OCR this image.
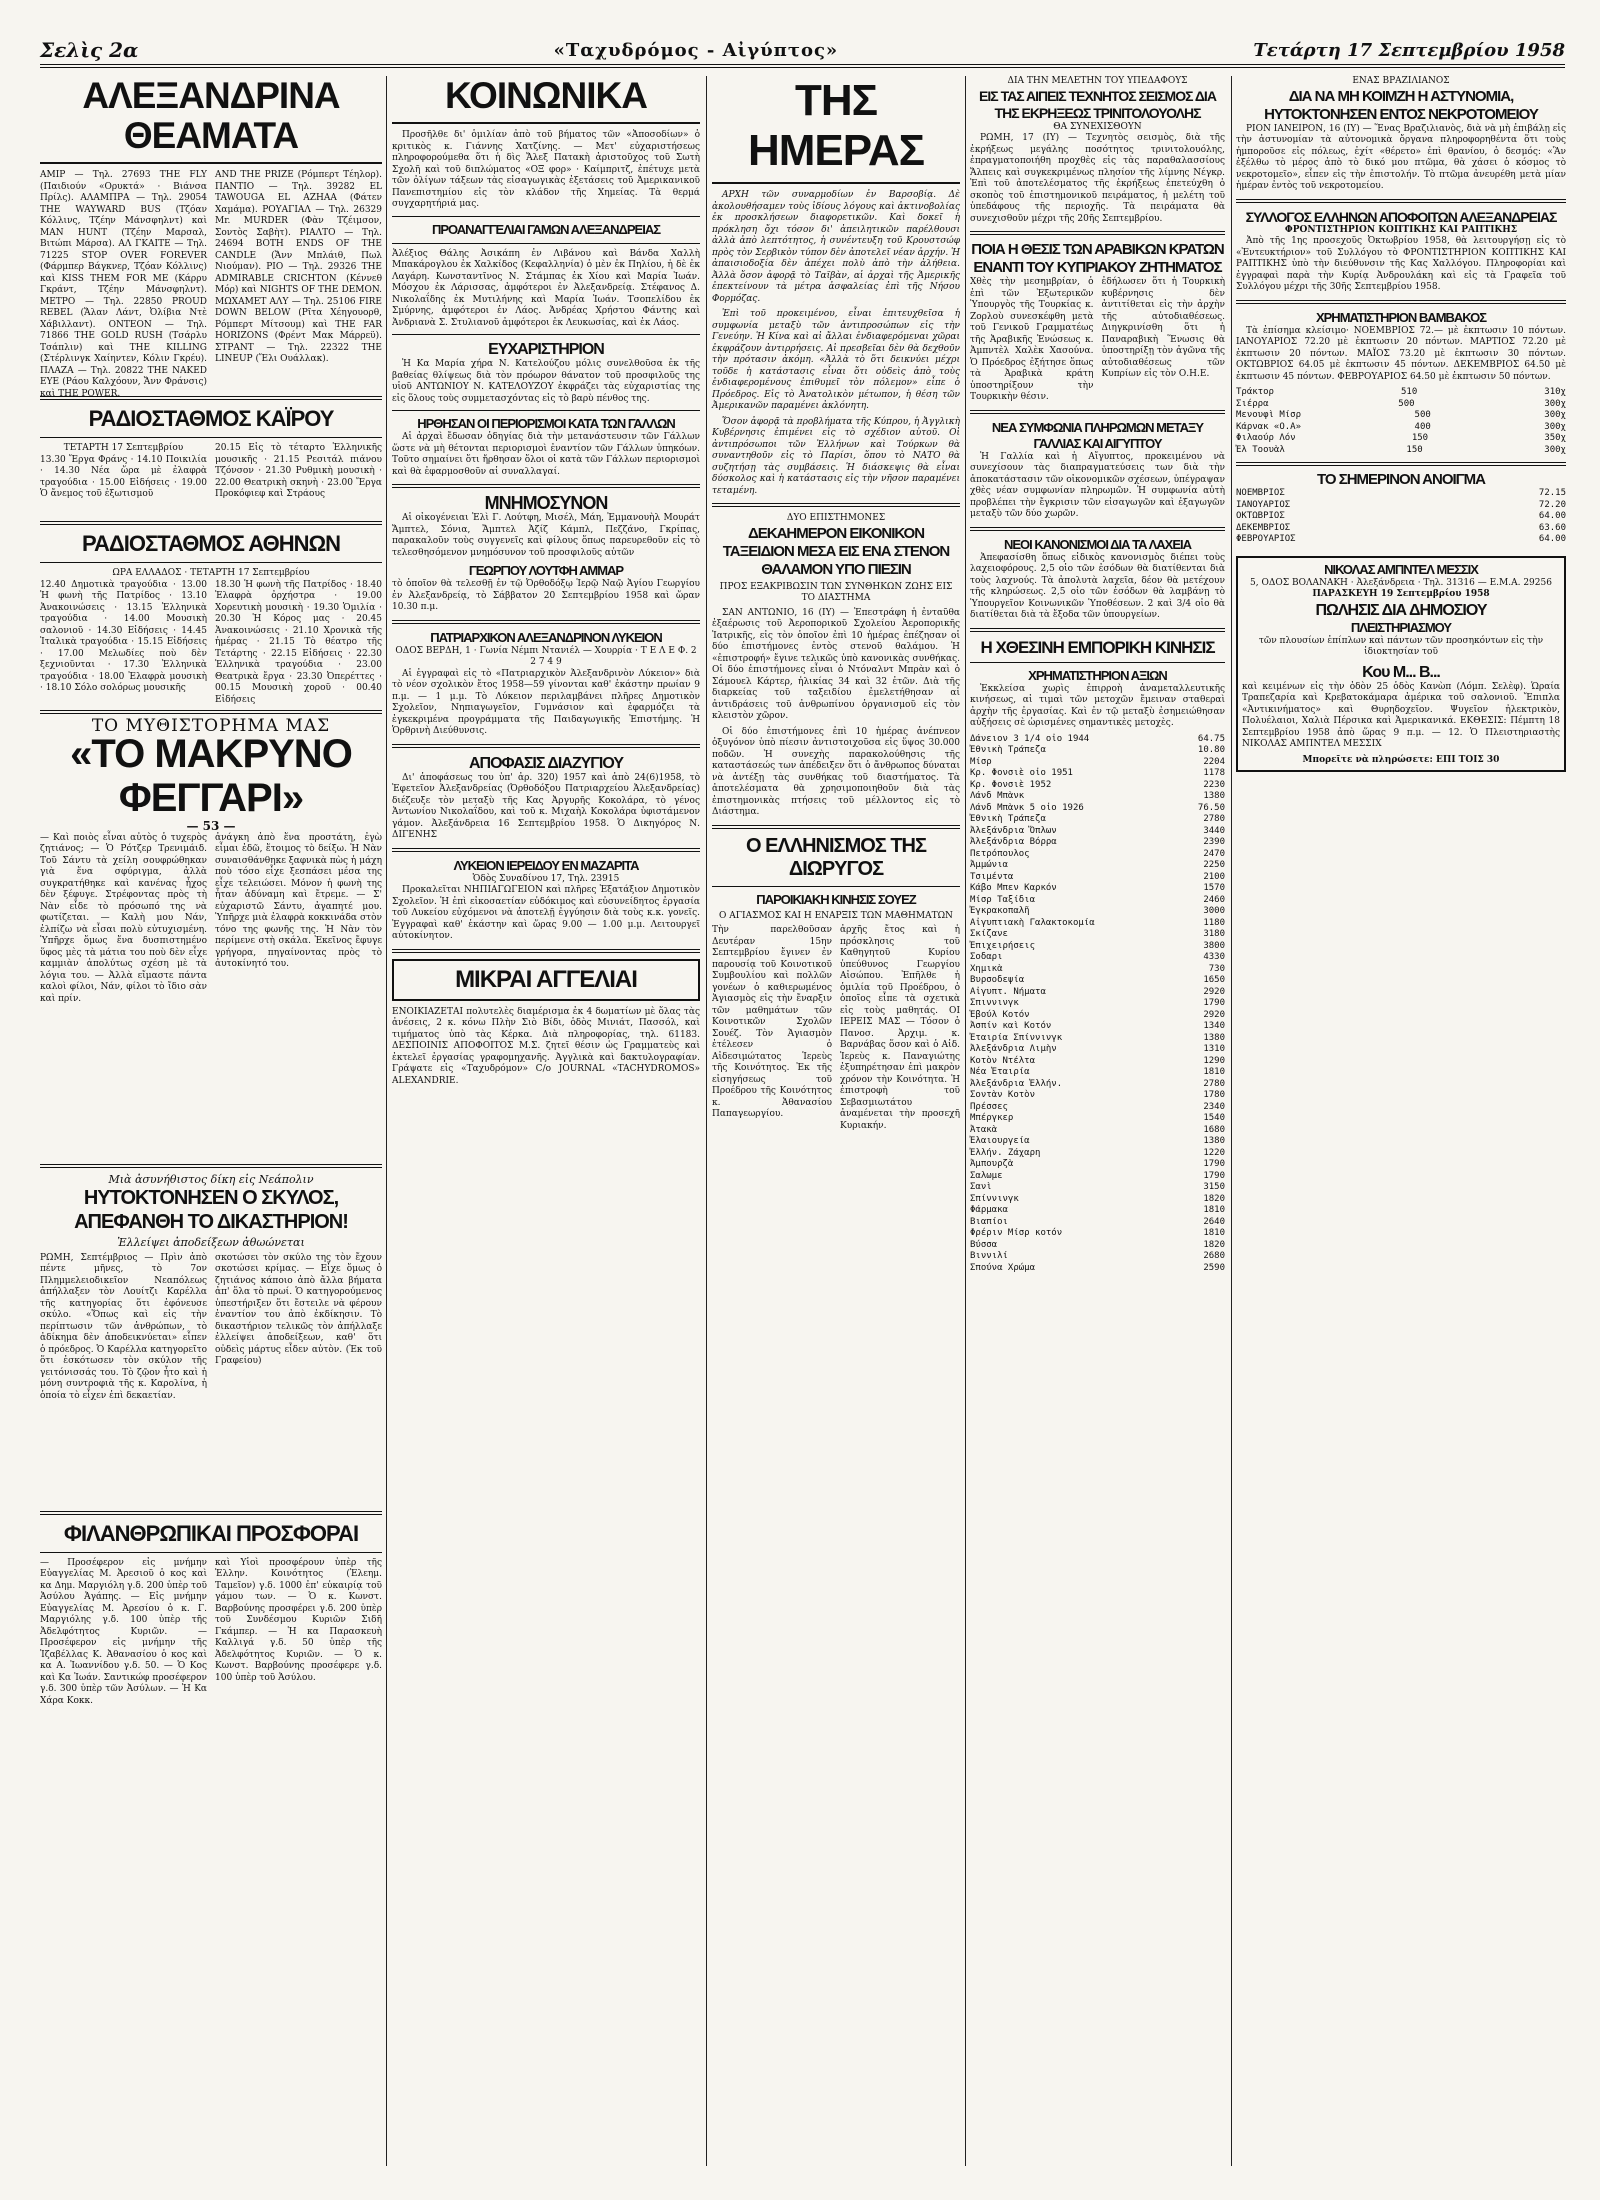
Σελὶς 2α	«Ταχυδρόμος - Αἰγύπτος»	Τετάρτη 17 Σεπτεμβρίου 1958
ΑΛΕΞΑΝΔΡΙΝΑ ΘΕΑΜΑΤΑ
ΑΜΙΡ — Τηλ. 27693 THE FLY (Παιδιούν «Ορυκτά» · Βιάνσα Πρίλς). ΑΛΑΜΠΡΑ — Τηλ. 29054 THE WAYWARD BUS (Τζόαν Κόλλινς, Τζέην Μάνσφηλντ) καὶ MAN HUNT (Τζέην Μαρσαλ, Βιτώπι Μάρσα). ΑΛ ΓΚΑΙΤΕ — Τηλ. 71225 STOP OVER FOREVER (Φάρμπερ Βάγκνερ, Τζόαν Κόλλινς) καὶ KISS THEM FOR ME (Κάρρυ Γκράντ, Τζέην Μάνσφηλντ). ΜΕΤΡΟ — Τηλ. 22850 PROUD REBEL (Ἄλαν Λάντ, Ὀλίβια Ντὲ Χάβιλλαντ). ΟΝΤΕΟΝ — Τηλ. 71866 THE GOLD RUSH (Τσάρλυ Τσάπλιν) καὶ THE KILLING (Στέρλινγκ Χαίηντεν, Κόλιν Γκρέυ). ΠΛΑΖΑ — Τηλ. 20822 THE NAKED EYE (Ράου Καλχόουν, Ἄνν Φράνσις) καὶ THE POWER.
AND THE PRIZE (Ρόμπερτ Τέηλορ). ΠΑΝΤΙΟ — Τηλ. 39282 EL TAWOUGA EL AZHAA (Φάτεν Χαμάμα). ΡΟΥΑΓΙΑΛ — Τηλ. 26329 Mr. MURDER (Φὰν Τζέιμσον, Σοντὸς Σαβὴτ). ΡΙΑΛΤΟ — Τηλ. 24694 BOTH ENDS OF THE CANDLE (Ἄνν Μπλάιθ, Πωλ Νιούμαν). ΡΙΟ — Τηλ. 29326 THE ADMIRABLE CRICHTON (Κέννεθ Μόρ) καὶ NIGHTS OF THE DEMON. ΜΩΧΑΜΕΤ ΑΛΥ — Τηλ. 25106 FIRE DOWN BELOW (Ρῖτα Χέηγουορθ, Ρόμπερτ Μίτσουμ) καὶ THE FAR HORIZONS (Φρέντ Μακ Μάρρεϋ). ΣΤΡΑΝΤ — Τηλ. 22322 THE LINEUP (Ἔλι Ουάλλακ).
ΡΑΔΙΟΣΤΑΘΜΟΣ ΚΑΪΡΟΥ
ΤΕΤΑΡΤΗ 17 Σεπτεμβρίου
13.30 Ἔργα Φράνς · 14.10 Ποικιλία · 14.30 Νέα ὥρα μὲ ἐλαφρὰ τραγούδια · 15.00 Εἰδήσεις · 19.00 Ὁ ἄνεμος τοῦ ἐξωτισμοῦ
20.15 Εἰς τὸ τέταρτο Ἑλληνικῆς μουσικῆς · 21.15 Ρεσιτάλ πιάνου Τζόνσον · 21.30 Ρυθμικὴ μουσικὴ · 22.00 Θεατρικὴ σκηνὴ · 23.00 Ἔργα Προκόφιεφ καὶ Στράους
ΡΑΔΙΟΣΤΑΘΜΟΣ ΑΘΗΝΩΝ
ΩΡΑ ΕΛΛΑΔΟΣ · ΤΕΤΑΡΤΗ 17 Σεπτεμβρίου
12.40 Δημοτικὰ τραγούδια · 13.00 Ἡ φωνὴ τῆς Πατρίδος · 13.10 Ἀνακοινώσεις · 13.15 Ἑλληνικὰ τραγούδια · 14.00 Μουσικὴ σαλονιοῦ · 14.30 Εἰδήσεις · 14.45 Ἰταλικὰ τραγούδια · 15.15 Εἰδήσεις · 17.00 Μελωδίες ποὺ δὲν ξεχνιοῦνται · 17.30 Ἑλληνικὰ τραγούδια · 18.00 Ἐλαφρὰ μουσικὴ · 18.10 Σόλο σολόρως μουσικῆς
18.30 Ἡ φωνὴ τῆς Πατρίδος · 18.40 Ἐλαφρὰ ὀρχήστρα · 19.00 Χορευτικὴ μουσικὴ · 19.30 Ὁμιλία · 20.30 Ἡ Κόρος μας · 20.45 Ἀνακοινώσεις · 21.10 Χρονικὰ τῆς ἡμέρας · 21.15 Τὸ θέατρο τῆς Τετάρτης · 22.15 Εἰδήσεις · 22.30 Ἑλληνικὰ τραγούδια · 23.00 Θεατρικὰ ἔργα · 23.30 Ὀπερέττες · 00.15 Μουσικὴ χοροῦ · 00.40 Εἰδήσεις
ΤΟ ΜΥΘΙΣΤΟΡΗΜΑ ΜΑΣ
«ΤΟ ΜΑΚΡΥΝΟ ΦΕΓΓΑΡΙ»
— 53 —
— Καὶ ποιὸς εἶναι αὐτὸς ὁ τυχερὸς ζητιάνος; — Ὁ Ρότζερ Τρενιμάιδ. Τοῦ Σάντυ τὰ χείλη σουφρώθηκαν γιὰ ἕνα σφύριγμα, ἀλλὰ συγκρατήθηκε καὶ κανένας ἦχος δὲν ξέφυγε. Στρέφοντας πρὸς τὴ Νὰν εἶδε τὸ πρόσωπό της νὰ φωτίζεται. — Καλὴ μου Νάν, ἐλπίζω νὰ εἶσαι πολὺ εὐτυχισμένη. Ὑπῆρχε ὅμως ἕνα δυσπιστημένο ὕφος μὲς τὰ μάτια του ποὺ δὲν εἶχε καμμιὰν ἀπολύτως σχέση μὲ τὰ λόγια του. — Ἀλλὰ εἴμαστε πάντα καλοὶ φίλοι, Νάν, φίλοι τὸ ἴδιο σὰν καὶ πρίν.
ἀνάγκη ἀπὸ ἕνα προστάτη, ἐγὼ εἶμαι ἐδῶ, ἕτοιμος τὸ δείξω. Ἡ Νὰν συναισθάνθηκε ξαφνικὰ πὼς ἡ μάχη ποὺ τόσο εἶχε ξεσπάσει μέσα της εἶχε τελειώσει. Μόνον ἡ φωνὴ της ἦταν ἀδύναμη καὶ ἔτρεμε. — Σ' εὐχαριστῶ Σάντυ, ἀγαπητέ μου. Ὑπῆρχε μιὰ ἐλαφρὰ κοκκινάδα στὸν τόνο της φωνῆς της. Ἡ Νὰν τὸν περίμενε στὴ σκάλα. Ἐκεῖνος ἔφυγε γρήγορα, πηγαίνοντας πρὸς τὸ ἀυτοκίνητό του.
Μιὰ ἀσυνήθιστος δίκη εἰς Νεάπολιν
ΗΥΤΟΚΤΟΝΗΣΕΝ Ο ΣΚΥΛΟΣ, ΑΠΕΦΑΝΘΗ ΤΟ ΔΙΚΑΣΤΗΡΙΟΝ!
Ἐλλείψει ἀποδείξεων ἀθωώνεται
ΡΩΜΗ, Σεπτέμβριος — Πρὶν ἀπὸ πέντε μῆνες, τὸ 7ον Πλημμελειοδικεῖον Νεαπόλεως ἀπήλλαξεν τὸν Λουίτζι Καρέλλα τῆς κατηγορίας ὅτι ἐφόνευσε σκύλο. «Ὅπως καὶ εἰς τὴν περίπτωσιν τῶν ἀνθρώπων, τὸ ἀδίκημα δὲν ἀποδεικνύεται» εἶπεν ὁ πρόεδρος. Ὁ Καρέλλα κατηγορεῖτο ὅτι ἐσκότωσεν τὸν σκύλον τῆς γειτόνισσάς του. Τὸ ζῷον ἦτο καὶ ἡ μόνη συντροφιὰ τῆς κ. Καρολίνα, ἡ ὁποία τὸ εἶχεν ἐπὶ δεκαετίαν.
σκοτώσει τὸν σκύλο της τὸν ἔχουν σκοτώσει κρίμας. — Εἶχε ὅμως ὁ ζητιάνος κάποιο ἀπὸ ἄλλα βήματα ἀπ' ὅλα τὸ πρωί. Ὁ κατηγορούμενος ὑπεστήριξεν ὅτι ἔστειλε νὰ φέρουν ἐναντίον του ἀπὸ ἐκδίκησιν. Τὸ δικαστήριον τελικῶς τὸν ἀπήλλαξε ἐλλείψει ἀποδείξεων, καθ' ὅτι οὐδεὶς μάρτυς εἶδεν αὐτὸν. (Ἐκ τοῦ Γραφείου)
ΦΙΛΑΝΘΡΩΠΙΚΑΙ ΠΡΟΣΦΟΡΑΙ
— Προσέφερον εἰς μνήμην Εὐαγγελίας Μ. Ἀρεσιοῦ ὁ κος καὶ κα Δημ. Μαργιόλη γ.δ. 200 ὑπὲρ τοῦ Ἀσύλου Ἀγάπης. — Εἰς μνήμην Εὐαγγελίας Μ. Ἀρεσίου ὁ κ. Γ. Μαργιόλης γ.δ. 100 ὑπὲρ τῆς Ἀδελφότητος Κυριῶν. — Προσέφερον εἰς μνήμην τῆς Ἰζαβέλλας Κ. Ἀθανασίου ὁ κος καὶ κα Α. Ἰωαννίδου γ.δ. 50. — Ὁ Κος καὶ Κα Ἰωάν. Σαντικώφ προσέφερον γ.δ. 300 ὑπὲρ τῶν Ἀσύλων. — Ἡ Κα Χάρα Κοκκ.
καὶ Υἱοὶ προσφέρουν ὑπὲρ τῆς Ἑλλην. Κοινότητος (Ἐλεημ. Ταμεῖον) γ.δ. 1000 ἐπ' εὐκαιρίᾳ τοῦ γάμου των. — Ὁ κ. Κωνστ. Βαρβούνης προσφέρει γ.δ. 200 ὑπὲρ τοῦ Συνδέσμου Κυριῶν Σιδῆ Γκάμπερ. — Ἡ κα Παρασκευὴ Καλλιγά γ.δ. 50 ὑπὲρ τῆς Ἀδελφότητος Κυριῶν. — Ὁ κ. Κωνστ. Βαρβούνης προσέφερε γ.δ. 100 ὑπὲρ τοῦ Ἀσύλου.
ΚΟΙΝΩΝΙΚΑ

Προσῆλθε δι' ὁμιλίαν ἀπὸ τοῦ βήματος τῶν «Ἀποσοδίων» ὁ κριτικὸς κ. Γιάννης Χατζίνης. — Μετ' εὐχαριστήσεως πληροφορούμεθα ὅτι ἡ δὶς Ἄλεξ Πατακὴ ἀριστοῦχος τοῦ Σωτὴ Σχολῆ καὶ τοῦ διπλώματος «ΟΞ φορ» · Καίμπριτζ, ἐπέτυχε μετὰ τῶν ὀλίγων τάξεων τὰς εἰσαγωγικὰς ἐξετάσεις τοῦ Ἀμερικανικοῦ Πανεπιστημίου εἰς τὸν κλάδον τῆς Χημείας. Τὰ θερμά συγχαρητήριά μας.

ΠΡΟΑΝΑΓΓΕΛΙΑΙ ΓΑΜΩΝ ΑΛΕΞΑΝΔΡΕΙΑΣ

Ἀλέξιος Θάλης Ἀσικάπη ἐν Λιβάνου καὶ Βάνδα Χαλλὴ Μπακάρογλου ἐκ Χαλκίδος (Κεφαλληνία) ὁ μὲν ἐκ Πηλίου, ἡ δὲ ἐκ Λαγάρη. Κωνσταντῖνος Ν. Στάμπας ἐκ Χίου καὶ Μαρία Ἰωάν. Μόσχου ἐκ Λάρισσας, ἀμφότεροι ἐν Ἀλεξανδρείᾳ. Στέφανος Δ. Νικολαΐδης ἐκ Μυτιλήνης καὶ Μαρία Ἰωάν. Τσοπελίδου ἐκ Σμύρνης, ἀμφότεροι ἐν Λάος. Ἀνδρέας Χρήστου Φάντης καὶ Ἀνδριανὰ Σ. Στυλιανοῦ ἀμφότεροι ἐκ Λευκωσίας, καὶ ἐκ Λάος.

ΕΥΧΑΡΙΣΤΗΡΙΟΝ

Ἡ Κα Μαρία χήρα Ν. Κατελούζου μόλις συνελθοῦσα ἐκ τῆς βαθείας θλίψεως διὰ τὸν πρόωρον θάνατον τοῦ προσφιλοῦς της υἱοῦ ΑΝΤΩΝΙΟΥ Ν. ΚΑΤΕΛΟΥΖΟΥ ἐκφράζει τὰς εὐχαριστίας της εἰς ὅλους τοὺς συμμετασχόντας εἰς τὸ βαρὺ πένθος της.

ΗΡΘΗΣΑΝ ΟΙ ΠΕΡΙΟΡΙΣΜΟΙ ΚΑΤΑ ΤΩΝ ΓΑΛΛΩΝ

Αἱ ἀρχαὶ ἔδωσαν ὁδηγίας διὰ τὴν μετανάστευσιν τῶν Γάλλων ὥστε νὰ μὴ θέτονται περιορισμοὶ ἐναντίον τῶν Γάλλων ὑπηκόων. Τοῦτο σημαίνει ὅτι ἤρθησαν ὅλοι οἱ κατὰ τῶν Γάλλων περιορισμοὶ καὶ θὰ ἐφαρμοσθοῦν αἱ συναλλαγαί.

ΜΝΗΜΟΣΥΝΟΝ

Αἱ οἰκογένειαι Ἐλὶ Γ. Λούτφη, Μισέλ, Μάη, Ἐμμανουὴλ Μουράτ Ἄμπτελ, Σόνια, Ἄμπτελ Ἀζίζ Κάμπλ, Πεζζάνο, Γκρίπας, παρακαλοῦν τοὺς συγγενεῖς καὶ φίλους ὅπως παρευρεθοῦν εἰς τὸ τελεσθησόμενον μνημόσυνον τοῦ προσφιλοῦς αὐτῶν

ΓΕΩΡΓΙΟΥ ΛΟΥΤΦΗ ΑΜΜΑΡ

τὸ ὁποῖον θὰ τελεσθῇ ἐν τῷ Ὀρθοδόξῳ Ἱερῷ Ναῷ Ἁγίου Γεωργίου ἐν Ἀλεξανδρείᾳ, τὸ Σάββατον 20 Σεπτεμβρίου 1958 καὶ ὥραν 10.30 π.μ.

ΠΑΤΡΙΑΡΧΙΚΟΝ ΑΛΕΞΑΝΔΡΙΝΟΝ ΛΥΚΕΙΟΝ
ΟΔΟΣ ΒΕΡΔΗ, 1 · Γωνία Νέμπι Ντανιέλ — Χουρρία · Τ Ε Λ Ε Φ. 2 2 7 4 9

Αἱ ἐγγραφαὶ εἰς τὸ «Πατριαρχικὸν Ἀλεξανδρινὸν Λύκειον» διὰ τὸ νέον σχολικὸν ἔτος 1958—59 γίνονται καθ' ἑκάστην πρωίαν 9 π.μ. — 1 μ.μ. Τὸ Λύκειον περιλαμβάνει πλῆρες Δημοτικὸν Σχολεῖον, Νηπιαγωγεῖον, Γυμνάσιον καὶ ἐφαρμόζει τὰ ἐγκεκριμένα προγράμματα τῆς Παιδαγωγικῆς Ἐπιστήμης. Ἡ Ὁρθρινὴ Διεύθυνσις.

ΑΠΟΦΑΣΙΣ ΔΙΑΖΥΓΙΟΥ

Δι' ἀποφάσεως του ὑπ' ἀρ. 320) 1957 καὶ ἀπὸ 24(6)1958, τὸ Ἐφετεῖον Ἀλεξανδρείας (Ὀρθοδόξου Πατριαρχείου Ἀλεξανδρείας) διέζευξε τὸν μεταξὺ τῆς Κας Ἀργυρῆς Κοκολάρα, τὸ γένος Ἀντωνίου Νικολαΐδου, καὶ τοῦ κ. Μιχαὴλ Κοκολάρα ὑφιστάμενον γάμον. Ἀλεξάνδρεια 16 Σεπτεμβρίου 1958. Ὁ Δικηγόρος Ν. ΔΙΓΕΝΗΣ

ΛΥΚΕΙΟΝ ΙΕΡΕΙΔΟΥ ΕΝ ΜΑΖΑΡΙΤΑ
Ὁδὸς Συναδίνου 17, Τηλ. 23915

Προκαλεῖται ΝΗΠΙΑΓΩΓΕΙΟΝ καὶ πλῆρες Ἑξατάξιον Δημοτικὸν Σχολεῖον. Ἡ ἐπὶ εἰκοσαετίαν εὐδόκιμος καὶ εὐσυνείδητος ἐργασία τοῦ Λυκείου εὐχόμενοι νὰ ἀποτελῇ ἐγγύησιν διὰ τοὺς κ.κ. γονεῖς. Ἐγγραφαὶ καθ' ἑκάστην καὶ ὥρας 9.00 — 1.00 μ.μ. Λειτουργεῖ αὐτοκίνητον.

ΜΙΚΡΑΙ ΑΓΓΕΛΙΑΙ

ΕΝΟΙΚΙΑΖΕΤΑΙ πολυτελὲς διαμέρισμα ἐκ 4 δωματίων μὲ ὅλας τὰς ἀνέσεις, 2 κ. κόνω Πλὴν Σιὸ Βίδι, ὁδὸς Μινιάτ, Πασσόλ, καὶ τιμήματος ὑπὸ τὰς Κέρκα. Διὰ πληροφορίας, τηλ. 61183. ΔΕΣΠΟΙΝΙΣ ΑΠΟΦΟΙΤΟΣ Μ.Σ. ζητεῖ θέσιν ὡς Γραμματεὺς καὶ ἐκτελεῖ ἐργασίας γραφομηχανῆς. Ἀγγλικὰ καὶ δακτυλογραφίαν. Γράψατε εἰς «Ταχυδρόμον» C/o JOURNAL «TACHYDROMOS» ALEXANDRIE.

ΤΗΣ ΗΜΕΡΑΣ

ΑΡΧΗ τῶν συναρμοδίων ἐν Βαρσοβίᾳ. Δὲ ἀκολουθήσαμεν τοὺς ἰδίους λόγους καὶ ἀκτινοβολίας ἐκ προσκλήσεων διαφορετικῶν. Καὶ δοκεῖ ἡ πρόκληση ὄχι τόσον δι' ἀπειλητικῶν παρέλθουσι ἀλλὰ ἀπὸ λεπτότητος, ἡ συνέντευξη τοῦ Κρουστσώφ πρὸς τὸν Σερβικὸν τύπον δὲν ἀποτελεῖ νέαν ἀρχήν. Ἡ ἀπαισιοδοξία δὲν ἀπέχει πολὺ ἀπὸ τὴν ἀλήθεια. Ἀλλὰ ὅσον ἀφορᾷ τὸ Ταϊβὰν, αἱ ἀρχαὶ τῆς Ἀμερικῆς ἐπεκτείνουν τὰ μέτρα ἀσφαλείας ἐπὶ τῆς Νήσου Φορμόζας.

Ἐπὶ τοῦ προκειμένου, εἶναι ἐπιτευχθεῖσα ἡ συμφωνία μεταξὺ τῶν ἀντιπροσώπων εἰς τὴν Γενεύην. Ἡ Κίνα καὶ αἱ ἄλλαι ἐνδιαφερόμεναι χῶραι ἐκφράζουν ἀντιρρήσεις. Αἱ πρεσβεῖαι δὲν θὰ δεχθοῦν τὴν πρότασιν ἀκόμη. «Ἀλλὰ τὸ ὅτι δεικνύει μέχρι τοῦδε ἡ κατάστασις εἶναι ὅτι οὐδεὶς ἀπὸ τοὺς ἐνδιαφερομένους ἐπιθυμεῖ τὸν πόλεμον» εἶπε ὁ Πρόεδρος. Εἰς τὸ Ἀνατολικὸν μέτωπον, ἡ θέση τῶν Ἀμερικανῶν παραμένει ἀκλόνητη.

Ὅσον ἀφορᾷ τὰ προβλήματα τῆς Κύπρου, ἡ Ἀγγλικὴ Κυβέρνησις ἐπιμένει εἰς τὸ σχέδιον αὐτοῦ. Οἱ ἀντιπρόσωποι τῶν Ἑλλήνων καὶ Τούρκων θὰ συναντηθοῦν εἰς τὸ Παρίσι, ὅπου τὸ ΝΑΤΟ θὰ συζητήσῃ τὰς συμβάσεις. Ἡ διάσκεψις θὰ εἶναι δύσκολος καὶ ἡ κατάστασις εἰς τὴν νῆσον παραμένει τεταμένη.

ΔΥΟ ΕΠΙΣΤΗΜΟΝΕΣ
ΔΕΚΑΗΜΕΡΟΝ ΕΙΚΟΝΙΚΟΝ ΤΑΞΕΙΔΙΟΝ ΜΕΣΑ ΕΙΣ ΕΝΑ ΣΤΕΝΟΝ ΘΑΛΑΜΟΝ ΥΠΟ ΠΙΕΣΙΝ
ΠΡΟΣ ΕΞΑΚΡΙΒΩΣΙΝ ΤΩΝ ΣΥΝΘΗΚΩΝ ΖΩΗΣ ΕΙΣ ΤΟ ΔΙΑΣΤΗΜΑ

ΣΑΝ ΑΝΤΩΝΙΟ, 16 (ΙΥ) — Ἐπεστράφη ἡ ἐνταῦθα ἐξαέρωσις τοῦ Ἀεροπορικοῦ Σχολείου Ἀεροπορικῆς Ἰατρικῆς, εἰς τὸν ὁποῖον ἐπὶ 10 ἡμέρας ἐπέζησαν οἱ δύο ἐπιστήμονες ἐντὸς στενοῦ θαλάμου. Ἡ «ἐπιστροφή» ἔγινε τελικῶς ὑπὸ κανονικὰς συνθήκας. Οἱ δύο ἐπιστήμονες εἶναι ὁ Ντόναλντ Μπρὰν καὶ ὁ Σάμουελ Κάρτερ, ἡλικίας 34 καὶ 32 ἐτῶν. Διὰ τῆς διαρκείας τοῦ ταξειδίου ἐμελετήθησαν αἱ ἀντιδράσεις τοῦ ἀνθρωπίνου ὀργανισμοῦ εἰς τὸν κλειστὸν χῶρον.

Οἱ δύο ἐπιστήμονες ἐπὶ 10 ἡμέρας ἀνέπνεον ὀξυγόνον ὑπὸ πίεσιν ἀντιστοιχοῦσα εἰς ὕψος 30.000 ποδῶν. Ἡ συνεχὴς παρακολούθησις τῆς καταστάσεώς των ἀπέδειξεν ὅτι ὁ ἄνθρωπος δύναται νὰ ἀντέξῃ τὰς συνθήκας τοῦ διαστήματος. Τὰ ἀποτελέσματα θὰ χρησιμοποιηθοῦν διὰ τὰς ἐπιστημονικὰς πτήσεις τοῦ μέλλοντος εἰς τὸ Διάστημα.

Ο ΕΛΛΗΝΙΣΜΟΣ ΤΗΣ ΔΙΩΡΥΓΟΣ
ΠΑΡΟΙΚΙΑΚΗ ΚΙΝΗΣΙΣ ΣΟΥΕΖ
Ο ΑΓΙΑΣΜΟΣ ΚΑΙ Η ΕΝΑΡΞΙΣ ΤΩΝ ΜΑΘΗΜΑΤΩΝ
Τὴν παρελθοῦσαν Δευτέραν 15ην Σεπτεμβρίου ἔγινεν ἐν παρουσίᾳ τοῦ Κοινοτικοῦ Συμβουλίου καὶ πολλῶν γονέων ὁ καθιερωμένος Ἁγιασμὸς εἰς τὴν ἔναρξιν τῶν μαθημάτων τῶν Κοινοτικῶν Σχολῶν Σουέζ. Τὸν Ἁγιασμὸν ἐτέλεσεν ὁ Αἰδεσιμώτατος Ἱερεὺς τῆς Κοινότητος. Ἐκ τῆς εἰσηγήσεως τοῦ Προέδρου τῆς Κοινότητος κ. Ἀθανασίου Παπαγεωργίου.
ἀρχῆς ἔτος καὶ ἡ πρόσκλησις τοῦ Καθηγητοῦ Κυρίου ὑπεύθυνος Γεωργίου Αἰσώπου. Ἐπῆλθε ἡ ὁμιλία τοῦ Προέδρου, ὁ ὁποῖος εἶπε τὰ σχετικὰ εἰς τοὺς μαθητάς. ΟΙ ΙΕΡΕΙΣ ΜΑΣ — Τόσον ὁ Πανοσ. Ἀρχιμ. κ. Βαρνάβας ὅσον καὶ ὁ Αἰδ. Ἱερεὺς κ. Παναγιώτης ἐξυπηρέτησαν ἐπὶ μακρὸν χρόνον τὴν Κοινότητα. Ἡ ἐπιστροφὴ τοῦ Σεβασμιωτάτου ἀναμένεται τὴν προσεχῆ Κυριακήν.
ΔΙΑ ΤΗΝ ΜΕΛΕΤΗΝ ΤΟΥ ΥΠΕΔΑΦΟΥΣ
ΕΙΣ ΤΑΣ ΑΙΠΕΙΣ ΤΕΧΝΗΤΟΣ ΣΕΙΣΜΟΣ ΔΙΑ ΤΗΣ ΕΚΡΗΞΕΩΣ ΤΡΙΝΙΤΟΛΟΥΟΛΗΣ
ΘΑ ΣΥΝΕΧΙΣΘΟΥΝ

ΡΩΜΗ, 17 (ΙΥ) — Τεχνητὸς σεισμὸς, διὰ τῆς ἐκρήξεως μεγάλης ποσότητος τρινιτολουόλης, ἐπραγματοποιήθη προχθὲς εἰς τὰς παραθαλασσίους Ἄλπεις καὶ συγκεκριμένως πλησίον τῆς λίμνης Νέγκρ. Ἐπὶ τοῦ ἀποτελέσματος τῆς ἐκρήξεως ἐπετεύχθη ὁ σκοπὸς τοῦ ἐπιστημονικοῦ πειράματος, ἡ μελέτη τοῦ ὑπεδάφους τῆς περιοχῆς. Τὰ πειράματα θὰ συνεχισθοῦν μέχρι τῆς 20ῆς Σεπτεμβρίου.

ΠΟΙΑ Η ΘΕΣΙΣ ΤΩΝ ΑΡΑΒΙΚΩΝ ΚΡΑΤΩΝ ΕΝΑΝΤΙ ΤΟΥ ΚΥΠΡΙΑΚΟΥ ΖΗΤΗΜΑΤΟΣ
Χθὲς τὴν μεσημβρίαν, ὁ ἐπὶ τῶν Ἐξωτερικῶν Ὑπουργὸς τῆς Τουρκίας κ. Ζορλοὺ συνεσκέφθη μετὰ τοῦ Γενικοῦ Γραμματέως τῆς Ἀραβικῆς Ἑνώσεως κ. Ἀμπντὲλ Χαλὲκ Χασούνα. Ὁ Πρόεδρος ἐξήτησε ὅπως τὰ Ἀραβικὰ κράτη ὑποστηρίξουν τὴν Τουρκικὴν θέσιν.
ἐδήλωσεν ὅτι ἡ Τουρκικὴ κυβέρνησις δὲν ἀντιτίθεται εἰς τὴν ἀρχὴν τῆς αὐτοδιαθέσεως. Διηγκρινίσθη ὅτι ἡ Παναραβικὴ Ἕνωσις θὰ ὑποστηρίξῃ τὸν ἀγῶνα τῆς αὐτοδιαθέσεως τῶν Κυπρίων εἰς τὸν Ο.Η.Ε.
ΝΕΑ ΣΥΜΦΩΝΙΑ ΠΛΗΡΩΜΩΝ ΜΕΤΑΞΥ ΓΑΛΛΙΑΣ ΚΑΙ ΑΙΓΥΠΤΟΥ

Ἡ Γαλλία καὶ ἡ Αἴγυπτος, προκειμένου νὰ συνεχίσουν τὰς διαπραγματεύσεις των διὰ τὴν ἀποκατάστασιν τῶν οἰκονομικῶν σχέσεων, ὑπέγραψαν χθὲς νέαν συμφωνίαν πληρωμῶν. Ἡ συμφωνία αὐτὴ προβλέπει τὴν ἔγκρισιν τῶν εἰσαγωγῶν καὶ ἐξαγωγῶν μεταξὺ τῶν δύο χωρῶν.

ΝΕΟΙ ΚΑΝΟΝΙΣΜΟΙ ΔΙΑ ΤΑ ΛΑΧΕΙΑ

Ἀπεφασίσθη ὅπως εἰδικὸς κανονισμὸς διέπει τοὺς λαχειοφόρους. 2,5 οἰο τῶν ἐσόδων θὰ διατίθενται διὰ τοὺς λαχνούς. Τὰ ἀπολυτὰ λαχεῖα, δέον θὰ μετέχουν τῆς κληρώσεως. 2,5 οἰο τῶν ἐσόδων θὰ λαμβάνῃ τὸ Ὑπουργεῖον Κοινωνικῶν Ὑποθέσεων. 2 καὶ 3/4 οἰο θὰ διατίθεται διὰ τὰ ἔξοδα τῶν ὑπουργείων.

Η ΧΘΕΣΙΝΗ ΕΜΠΟΡΙΚΗ ΚΙΝΗΣΙΣ
ΧΡΗΜΑΤΙΣΤΗΡΙΟΝ ΑΞΙΩΝ

Ἐκκλείσα χωρὶς ἐπιρροὴ ἀναμεταλλευτικῆς κινήσεως, αἱ τιμαὶ τῶν μετοχῶν ἔμειναν σταθεραὶ ἀρχὴν τῆς ἐργασίας. Καὶ ἐν τῷ μεταξὺ ἐσημειώθησαν αὐξήσεις σὲ ὡρισμένες σημαντικὲς μετοχὲς.

Δάνειον 3 1/4 οἰο 1944	64.75
Ἐθνικὴ Τράπεζα	10.80
Μίσρ	2204
Κρ. Φονσιὲ οἰο 1951	1178
Κρ. Φονσιὲ 1952	2230
Λάνδ Μπὰνκ	1380
Λάνδ Μπὰνκ 5 οἰο 1926	76.50
Ἐθνικὴ Τράπεζα	2780
Ἀλεξάνδρια Ὄπλων	3440
Ἀλεξάνδρια Βόρρα	2390
Πετρόπουλος	2470
Ἀμμώνια	2250
Τσιμέντα	2100
Κάβο Μπεν Καρκόν	1570
Μίσρ Ταξίδια	2460
Ἐγκρακοπαλῆ	3000
Αἰγυπτιακὴ Γαλακτοκομία	1180
Σκίζανε	3180
Ἐπιχειρήσεις	3800
Σοδαρι	4330
Χημικὰ	730
Βυρσοδεψία	1650
Αἰγυπτ. Νήματα	2920
Σπιννινγκ	1790
Ἑβούλ Κοτόν	2920
Ἀσπίν καὶ Κοτόν	1340
Ἐταιρία Σπίννινγκ	1380
Ἀλεξάνδρια Λιμὴν	1310
Κοτὸν Ντέλτα	1290
Νέα Ἐταιρία	1810
Ἀλεξάνδρια Ἐλλήν.	2780
Σοντὰν Κοτὸν	1780
Πρέσσες	2340
Μπέργκερ	1540
Ἀτακὰ	1680
Ἐλαιουργεία	1380
Ἐλλήν. Ζάχαρη	1220
Ἀμπουρζὰ	1790
Σαλωμε	1790
Σανὶ	3150
Σπίννινγκ	1820
Φάρμακα	1810
Βιαπίοι	2640
Φρέριν Μίσρ κοτόν	1810
Βύσσα	1820
Βιννιλί	2680
Σπούνα Χρώμα	2590
ΕΝΑΣ ΒΡΑΖΙΛΙΑΝΟΣ
ΔΙΑ ΝΑ ΜΗ ΚΟΙΜΖΗ Η ΑΣΤΥΝΟΜΙΑ, ΗΥΤΟΚΤΟΝΗΣΕΝ ΕΝΤΟΣ ΝΕΚΡΟΤΟΜΕΙΟΥ

ΡΙΟΝ ΙΑΝΕΙΡΟΝ, 16 (ΙΥ) — Ἕνας Βραζιλιανὸς, διὰ νὰ μὴ ἐπιβάλῃ εἰς τὴν ἀστυνομίαν τὰ αὐτονομικὰ ὄργανα πληροφορηθέντα ὅτι τοὺς ἠμποροῦσε εἰς πόλεως, ἐχίτ «θέρετο» ἐπὶ θρανίου, ὁ δεσμός: «Ἂν ἐξέλθω τὸ μέρος ἀπὸ τὸ δικό μου πτῶμα, θὰ χάσει ὁ κόσμος τὸ νεκροτομεῖο», εἶπεν εἰς τὴν ἐπιστολήν. Τὸ πτῶμα ἀνευρέθη μετὰ μίαν ἡμέραν ἐντὸς τοῦ νεκροτομείου.

ΣΥΛΛΟΓΟΣ ΕΛΛΗΝΩΝ ΑΠΟΦΟΙΤΩΝ ΑΛΕΞΑΝΔΡΕΙΑΣ
ΦΡΟΝΤΙΣΤΗΡΙΟΝ ΚΟΠΤΙΚΗΣ ΚΑΙ ΡΑΠΤΙΚΗΣ

Ἀπὸ τῆς 1ης προσεχοῦς Ὀκτωβρίου 1958, θὰ λειτουργήσῃ εἰς τὸ «Ἐντευκτήριον» τοῦ Συλλόγου τὸ ΦΡΟΝΤΙΣΤΗΡΙΟΝ ΚΟΠΤΙΚΗΣ ΚΑΙ ΡΑΠΤΙΚΗΣ ὑπὸ τὴν διεύθυνσιν τῆς Κας Χαλλόγου. Πληροφορίαι καὶ ἐγγραφαὶ παρὰ τὴν Κυρίᾳ Ἀνδρουλάκη καὶ εἰς τὰ Γραφεῖα τοῦ Συλλόγου μέχρι τῆς 30ῆς Σεπτεμβρίου 1958.

ΧΡΗΜΑΤΙΣΤΗΡΙΟΝ ΒΑΜΒΑΚΟΣ

Τὰ ἐπίσημα κλείσιμο· ΝΟΕΜΒΡΙΟΣ 72.— μὲ ἐκπτωσιν 10 πόντων. ΙΑΝΟΥΑΡΙΟΣ 72.20 μὲ ἐκπτωσιν 20 πόντων. ΜΑΡΤΙΟΣ 72.20 μὲ ἐκπτωσιν 20 πόντων. ΜΑΪΟΣ 73.20 μὲ ἐκπτωσιν 30 πόντων. ΟΚΤΩΒΡΙΟΣ 64.05 μὲ ἐκπτωσιν 45 πόντων. ΔΕΚΕΜΒΡΙΟΣ 64.50 μὲ ἐκπτωσιν 45 πόντων. ΦΕΒΡΟΥΑΡΙΟΣ 64.50 μὲ ἐκπτωσιν 50 πόντων.

Τράκτορ	510	310χ
Σιέρρα	500	300χ
Μενουφὶ Μίσρ	500	300χ
Κάρνακ «Ο.Α»	400	300χ
Φιλαούρ Λόν	150	350χ
Ἐλ Τοουὰλ	150	300χ
ΤΟ ΣΗΜΕΡΙΝΟΝ ΑΝΟΙΓΜΑ
ΝΟΕΜΒΡΙΟΣ	72.15
ΙΑΝΟΥΑΡΙΟΣ	72.20
ΟΚΤΩΒΡΙΟΣ	64.00
ΔΕΚΕΜΒΡΙΟΣ	63.60
ΦΕΒΡΟΥΑΡΙΟΣ	64.00
ΝΙΚΟΛΑΣ ΑΜΠΝΤΕΛ ΜΕΣΣΙΧ
5, ΟΔΟΣ ΒΟΛΑΝΑΚΗ · Ἀλεξάνδρεια · Τηλ. 31316 — Ε.Μ.Α. 29256
ΠΑΡΑΣΚΕΥΗ 19 Σεπτεμβρίου 1958
ΠΩΛΗΣΙΣ ΔΙΑ ΔΗΜΟΣΙΟΥ
ΠΛΕΙΣΤΗΡΙΑΣΜΟΥ

τῶν πλουσίων ἐπίπλων καὶ πάντων τῶν προσηκόντων εἰς τὴν ἰδιοκτησίαν τοῦ

Κου Μ... Β...

καὶ κειμένων εἰς τὴν ὁδὸν 25 ὁδὸς Κανὼπ (Λόμπ. Σελὲφ). Ὡραία Τραπεζαρία καὶ Κρεβατοκάμαρα ἀμέρικα τοῦ σαλονιοῦ. Ἔπιπλα «Ἀντικινήματος» καὶ Θυρηδοχεῖον. Ψυγεῖον ἠλεκτρικὸν, Πολυέλαιοι, Χαλιὰ Πέρσικα καὶ Ἀμερικανικά. ΕΚΘΕΣΙΣ: Πέμπτη 18 Σεπτεμβρίου 1958 ἀπὸ ὥρας 9 π.μ. — 12. Ὁ Πλειστηριαστὴς ΝΙΚΟΛΑΣ ΑΜΠΝΤΕΛ ΜΕΣΣΙΧ

Μπορεῖτε νὰ πληρώσετε: ΕΠΙ ΤΟΙΣ 30
